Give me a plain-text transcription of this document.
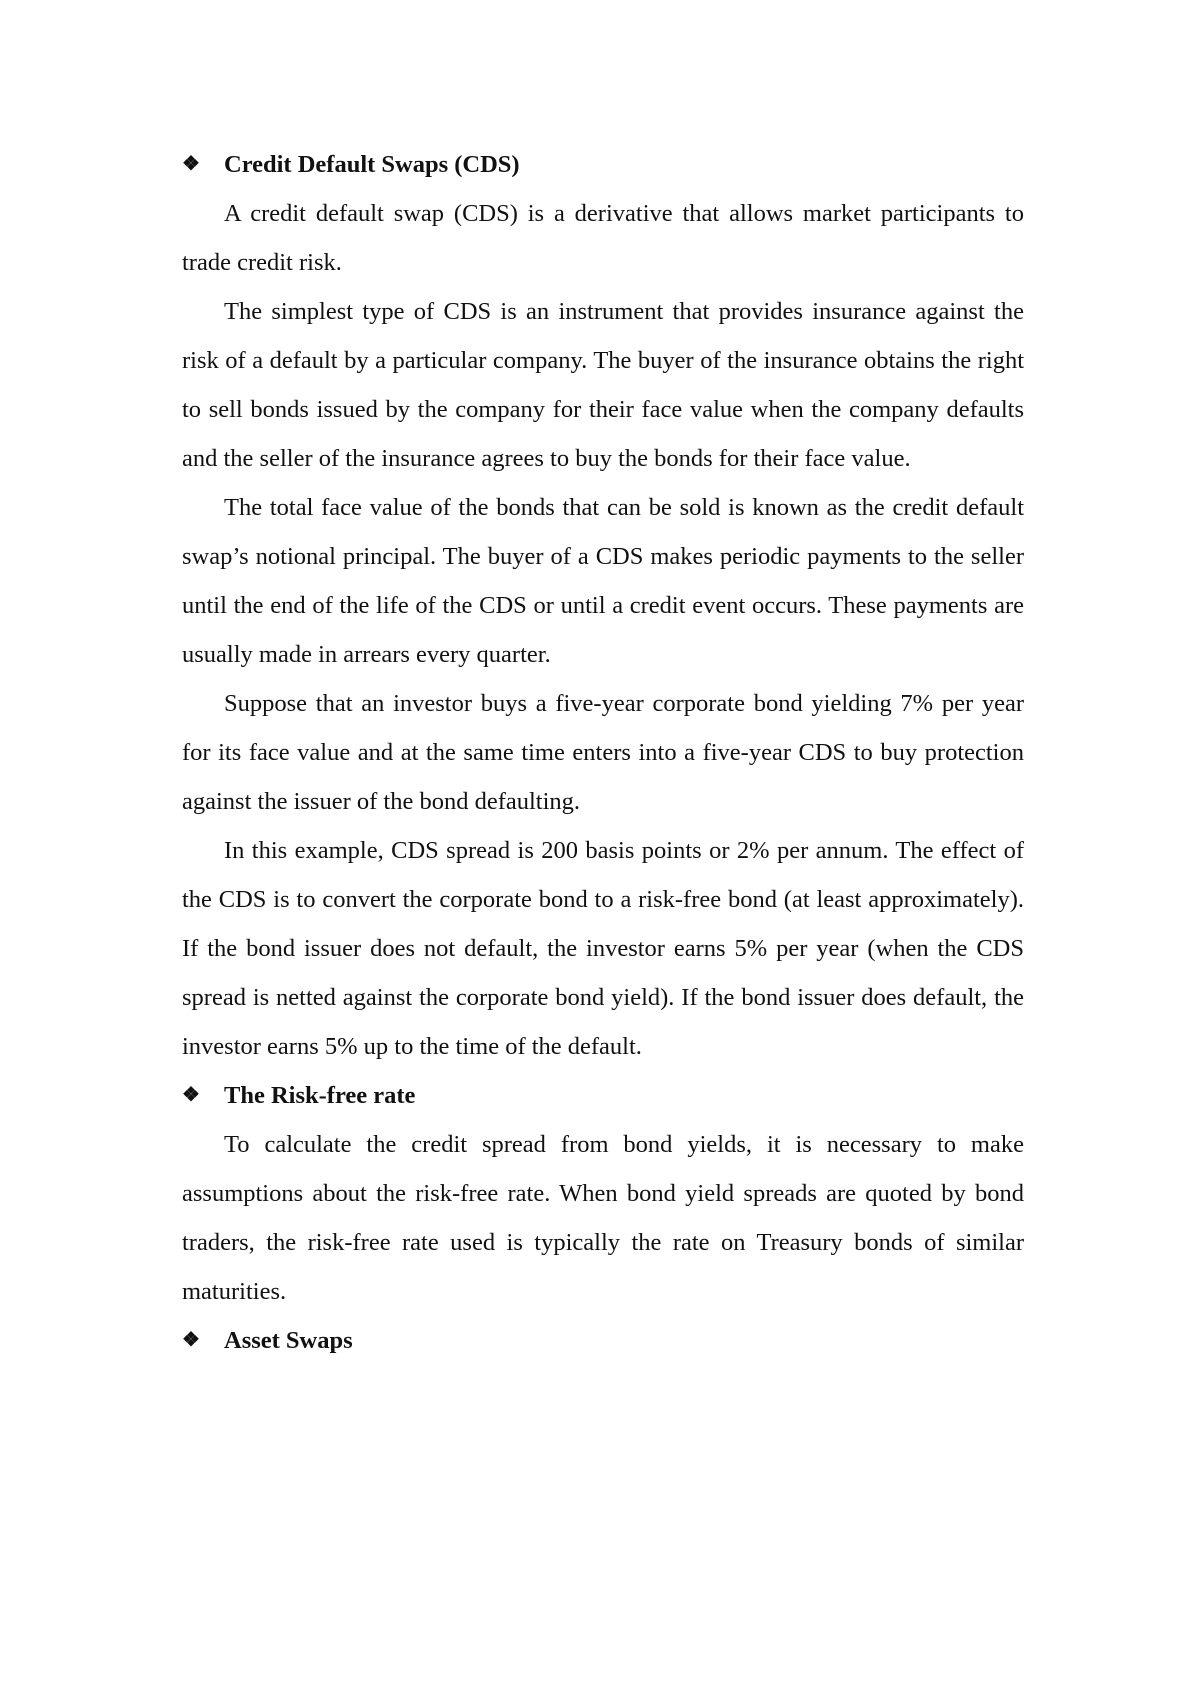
❖ Credit Default Swaps (CDS)

A credit default swap (CDS) is a derivative that allows market participants to trade credit risk.

The simplest type of CDS is an instrument that provides insurance against the risk of a default by a particular company. The buyer of the insurance obtains the right to sell bonds issued by the company for their face value when the company defaults and the seller of the insurance agrees to buy the bonds for their face value.

The total face value of the bonds that can be sold is known as the credit default swap’s notional principal. The buyer of a CDS makes periodic payments to the seller until the end of the life of the CDS or until a credit event occurs. These payments are usually made in arrears every quarter.

Suppose that an investor buys a five-year corporate bond yielding 7% per year for its face value and at the same time enters into a five-year CDS to buy protection against the issuer of the bond defaulting.

In this example, CDS spread is 200 basis points or 2% per annum. The effect of the CDS is to convert the corporate bond to a risk-free bond (at least approximately). If the bond issuer does not default, the investor earns 5% per year (when the CDS spread is netted against the corporate bond yield). If the bond issuer does default, the investor earns 5% up to the time of the default.

❖ The Risk-free rate

To calculate the credit spread from bond yields, it is necessary to make assumptions about the risk-free rate. When bond yield spreads are quoted by bond traders, the risk-free rate used is typically the rate on Treasury bonds of similar maturities.

❖ Asset Swaps
